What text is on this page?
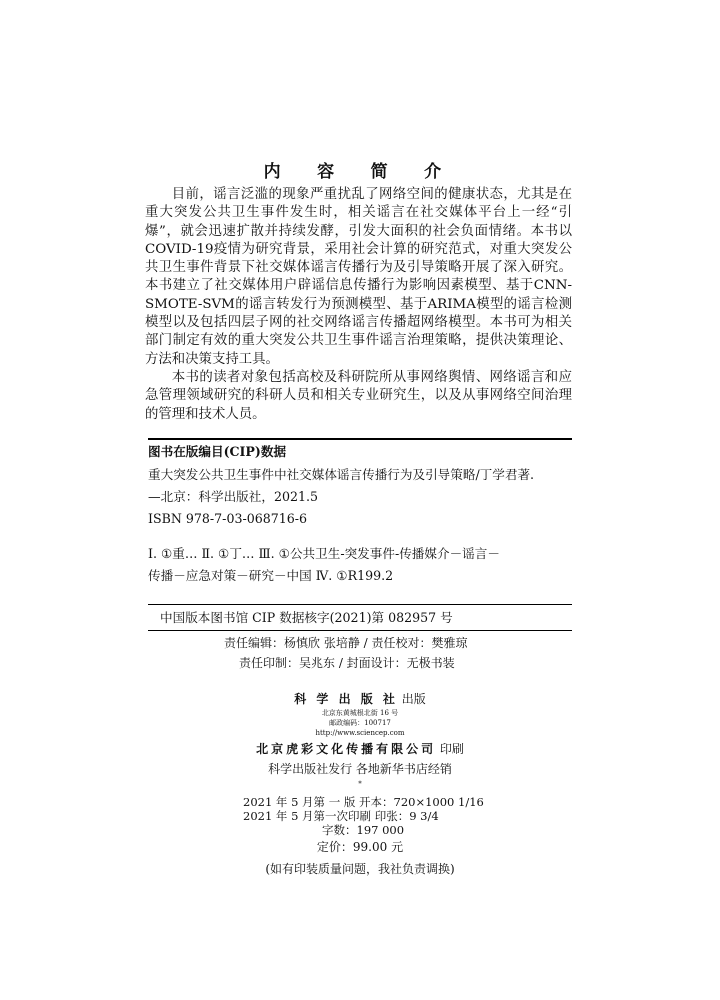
内 容 简 介

目前，谣言泛滥的现象严重扰乱了网络空间的健康状态，尤其是在重大突发公共卫生事件发生时，相关谣言在社交媒体平台上一经“引爆”，就会迅速扩散并持续发酵，引发大面积的社会负面情绪。本书以COVID-19疫情为研究背景，采用社会计算的研究范式，对重大突发公共卫生事件背景下社交媒体谣言传播行为及引导策略开展了深入研究。本书建立了社交媒体用户辟谣信息传播行为影响因素模型、基于CNN-SMOTE-SVM的谣言转发行为预测模型、基于ARIMA模型的谣言检测模型以及包括四层子网的社交网络谣言传播超网络模型。本书可为相关部门制定有效的重大突发公共卫生事件谣言治理策略，提供决策理论、方法和决策支持工具。

本书的读者对象包括高校及科研院所从事网络舆情、网络谣言和应急管理领域研究的科研人员和相关专业研究生，以及从事网络空间治理的管理和技术人员。

图书在版编目(CIP)数据
重大突发公共卫生事件中社交媒体谣言传播行为及引导策略/丁学君著.
—北京：科学出版社，2021.5
ISBN 978-7-03-068716-6
Ⅰ. ①重… Ⅱ. ①丁… Ⅲ. ①公共卫生-突发事件-传播媒介－谣言－
传播－应急对策－研究－中国 Ⅳ. ①R199.2
中国版本图书馆 CIP 数据核字(2021)第 082957 号
责任编辑：杨慎欣 张培静 / 责任校对：樊雅琼
责任印制：吴兆东 / 封面设计：无极书装
科 学 出 版 社 出版
北京东黄城根北街 16 号
邮政编码：100717
http://www.sciencep.com
北京虎彩文化传播有限公司 印刷
科学出版社发行 各地新华书店经销
*
2021 年 5 月第 一 版 开本：720×1000 1/16
2021 年 5 月第一次印刷 印张：9 3/4
字数：197 000
定价：99.00 元
(如有印装质量问题，我社负责调换)
